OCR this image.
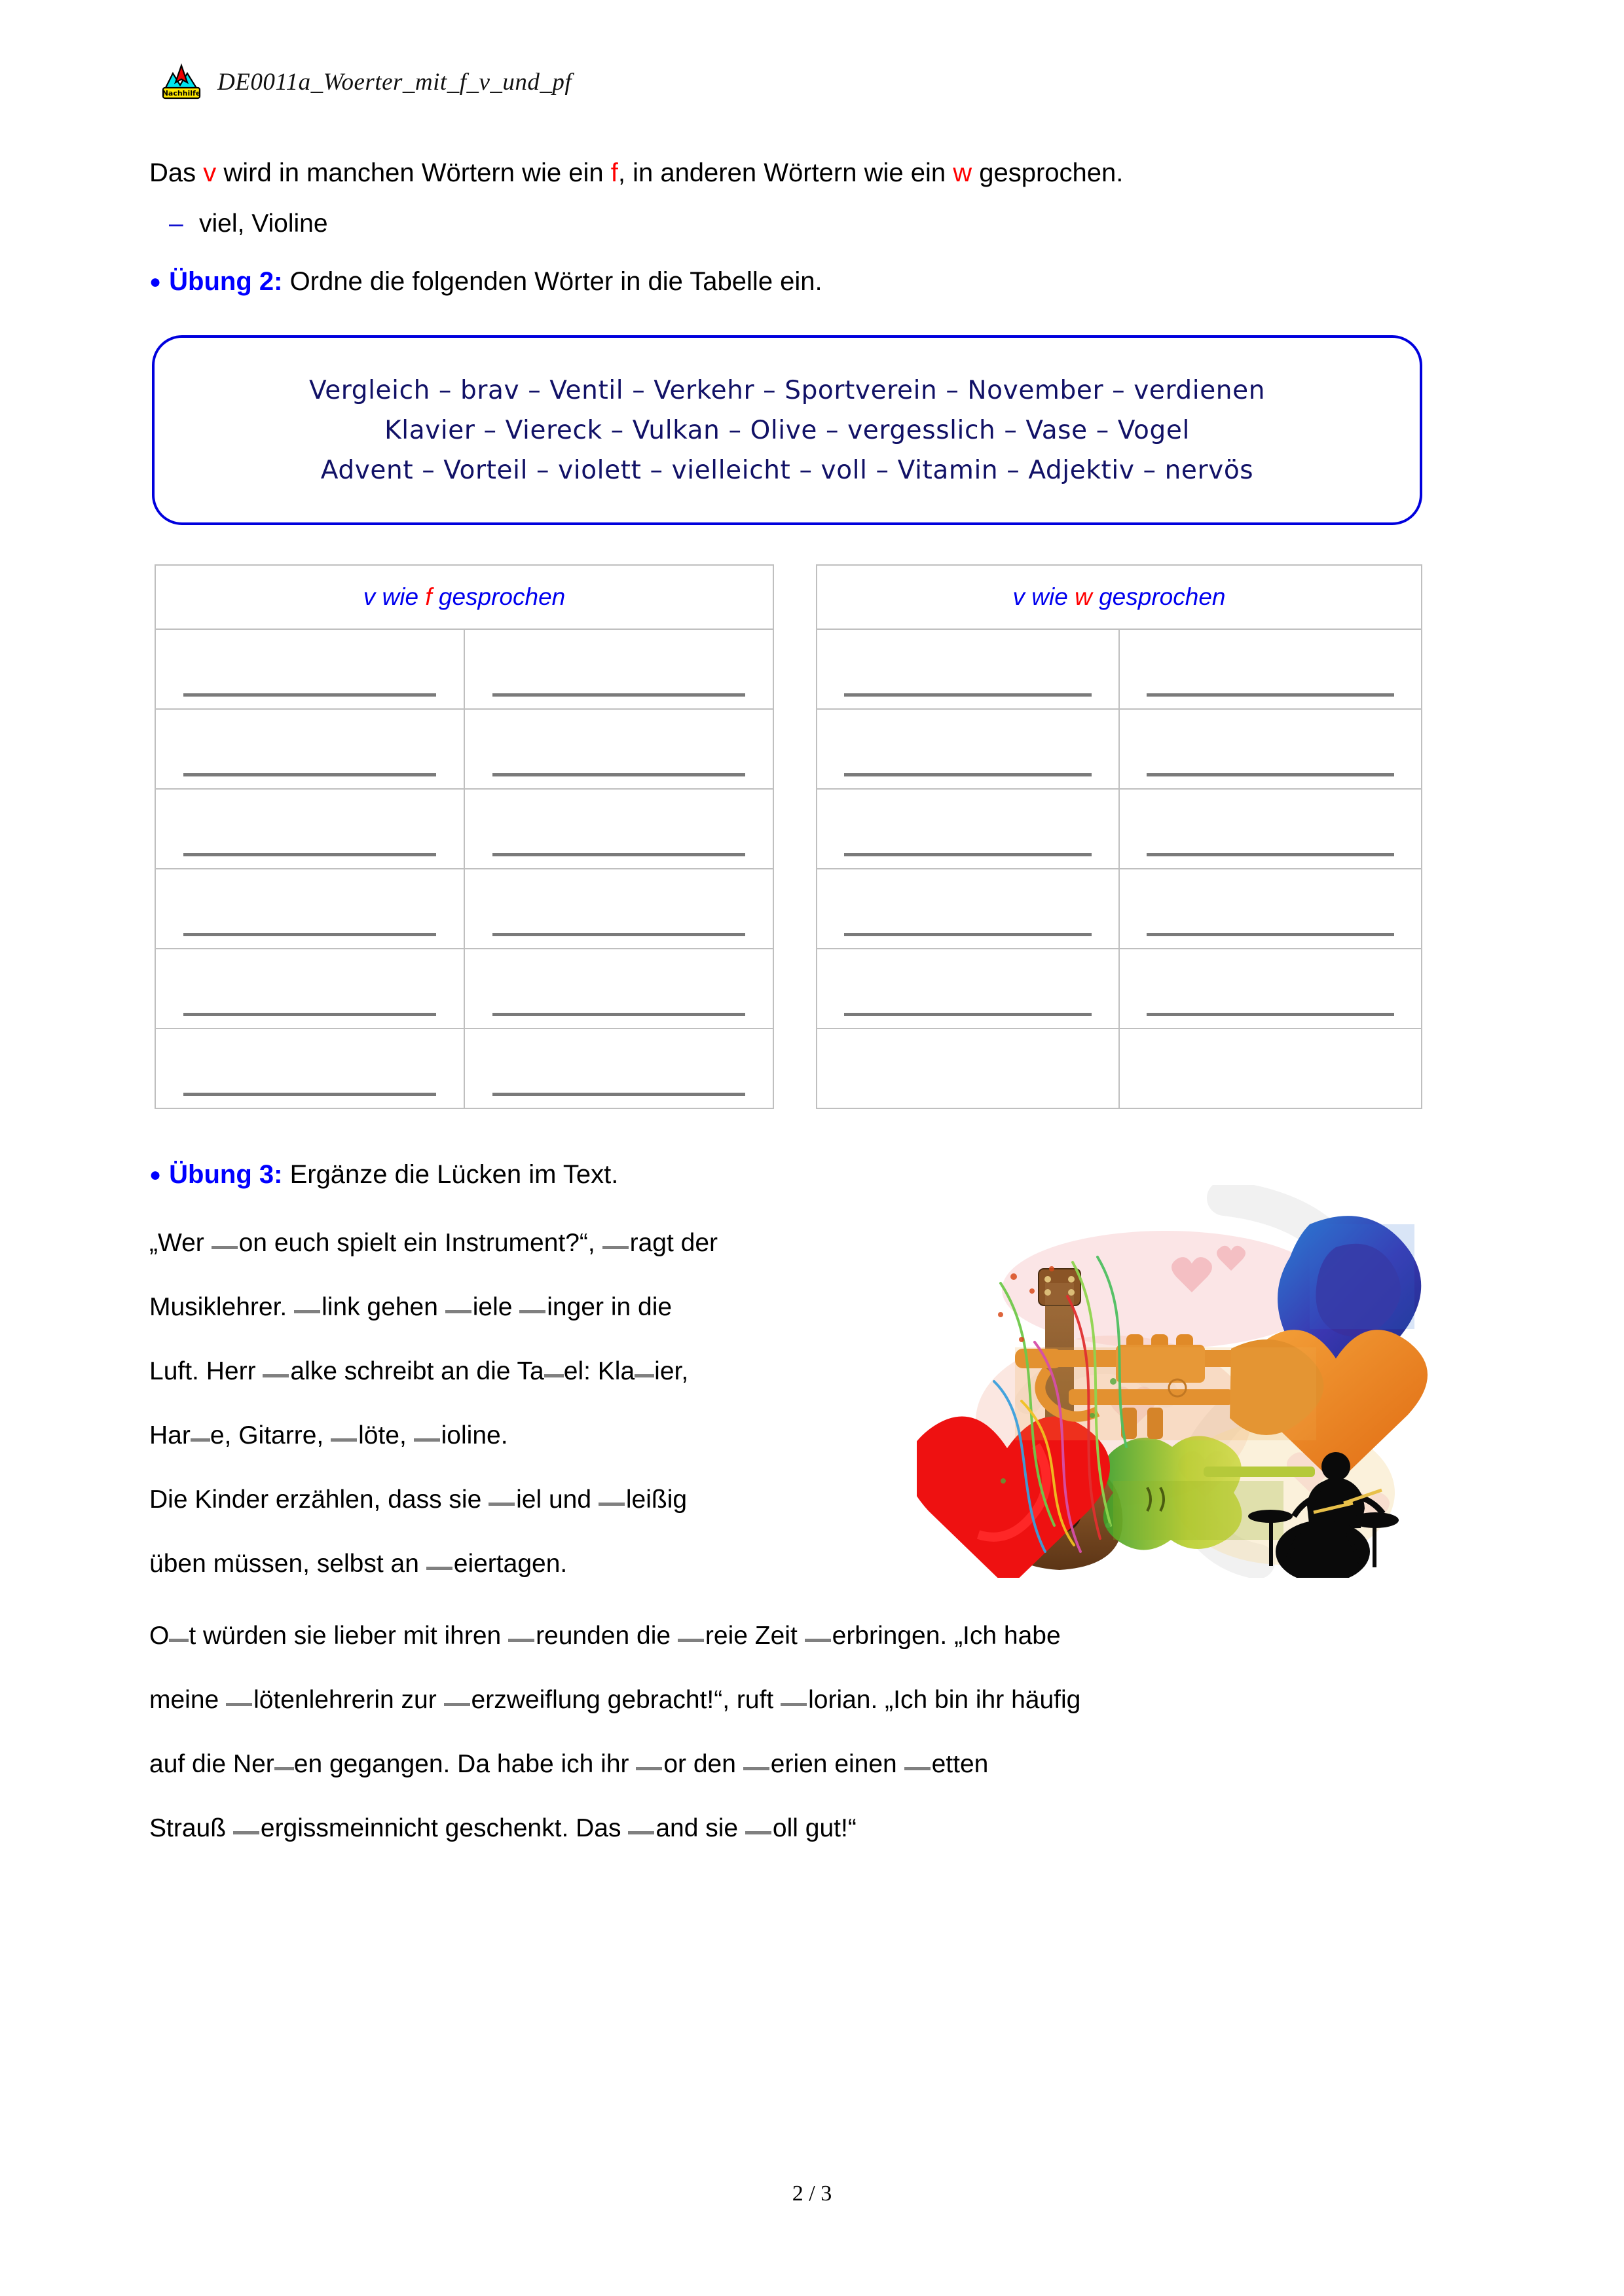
Nachhilfe DE0011a_Woerter_mit_f_v_und_pf
Das v wird in manchen Wörtern wie ein f, in anderen Wörtern wie ein w gesprochen.
– viel, Violine
● Übung 2: Ordne die folgenden Wörter in die Tabelle ein.
Vergleich – brav – Ventil – Verkehr – Sportverein – November – verdienen
Klavier – Viereck – Vulkan – Olive – vergesslich – Vase – Vogel
Advent – Vorteil – violett – vielleicht – voll – Vitamin – Adjektiv – nervös
v wie f gesprochen	

		v wie w gesprochen	

● Übung 3: Ergänze die Lücken im Text.

„Wer on euch spielt ein Instrument?“, ragt der

Musiklehrer. link gehen iele inger in die

Luft. Herr alke schreibt an die Ta el: Kla ier,

Har e, Gitarre, löte, ioline.

Die Kinder erzählen, dass sie iel und leißig

üben müssen, selbst an eiertagen.

O t würden sie lieber mit ihren reunden die reie Zeit erbringen. „Ich habe

meine lötenlehrerin zur erzweiflung gebracht!“, ruft lorian. „Ich bin ihr häufig

auf die Ner en gegangen. Da habe ich ihr or den erien einen etten

Strauß ergissmeinnicht geschenkt. Das and sie oll gut!“

2 / 3
